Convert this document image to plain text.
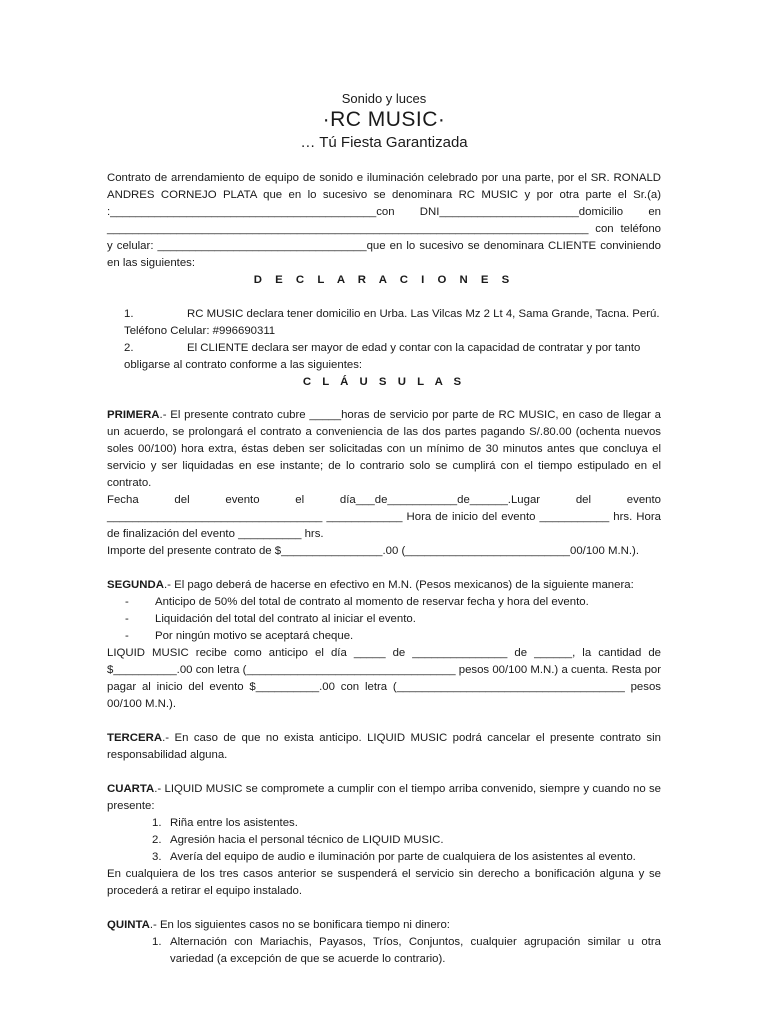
Sonido y luces
·RC MUSIC·
… Tú Fiesta Garantizada

Contrato de arrendamiento de equipo de sonido e iluminación celebrado por una parte, por el SR. RONALD ANDRES CORNEJO PLATA que en lo sucesivo se denominara RC MUSIC y por otra parte el Sr.(a) :__________________________________________con DNI______________________domicilio en ____________________________________________________________________________ con teléfono y celular: _________________________________que en lo sucesivo se denominara CLIENTE conviniendo en las siguientes:

D E C L A R A C I O N E S

1.	RC MUSIC declara tener domicilio en Urba. Las Vilcas Mz 2 Lt 4, Sama Grande, Tacna. Perú.

Teléfono Celular: #996690311

2.	El CLIENTE declara ser mayor de edad y contar con la capacidad de contratar y por tanto

obligarse al contrato conforme a las siguientes:

C L Á U S U L A S

PRIMERA.- El presente contrato cubre _____horas de servicio por parte de RC MUSIC, en caso de llegar a un acuerdo, se prolongará el contrato a conveniencia de las dos partes pagando S/.80.00 (ochenta nuevos soles 00/100) hora extra, éstas deben ser solicitadas con un mínimo de 30 minutos antes que concluya el servicio y ser liquidadas en ese instante; de lo contrario solo se cumplirá con el tiempo estipulado en el contrato.

Fecha del evento el día___de___________de______.Lugar del evento __________________________________ ____________ Hora de inicio del evento ___________ hrs. Hora de finalización del evento __________ hrs.

Importe del presente contrato de $________________.00 (__________________________00/100 M.N.).

SEGUNDA.- El pago deberá de hacerse en efectivo en M.N. (Pesos mexicanos) de la siguiente manera:

-	Anticipo de 50% del total de contrato al momento de reservar fecha y hora del evento.
-	Liquidación del total del contrato al iniciar el evento.
-	Por ningún motivo se aceptará cheque.

LIQUID MUSIC recibe como anticipo el día _____ de _______________ de ______, la cantidad de $__________.00 con letra (_________________________________ pesos 00/100 M.N.) a cuenta. Resta por pagar al inicio del evento $__________.00 con letra (____________________________________ pesos 00/100 M.N.).

TERCERA.- En caso de que no exista anticipo. LIQUID MUSIC podrá cancelar el presente contrato sin responsabilidad alguna.

CUARTA.- LIQUID MUSIC se compromete a cumplir con el tiempo arriba convenido, siempre y cuando no se presente:

1. Riña entre los asistentes.
2. Agresión hacia el personal técnico de LIQUID MUSIC.
3. Avería del equipo de audio e iluminación por parte de cualquiera de los asistentes al evento.

En cualquiera de los tres casos anterior se suspenderá el servicio sin derecho a bonificación alguna y se procederá a retirar el equipo instalado.

QUINTA.- En los siguientes casos no se bonificara tiempo ni dinero:

1. Alternación con Mariachis, Payasos, Tríos, Conjuntos, cualquier agrupación similar u otra variedad (a excepción de que se acuerde lo contrario).
